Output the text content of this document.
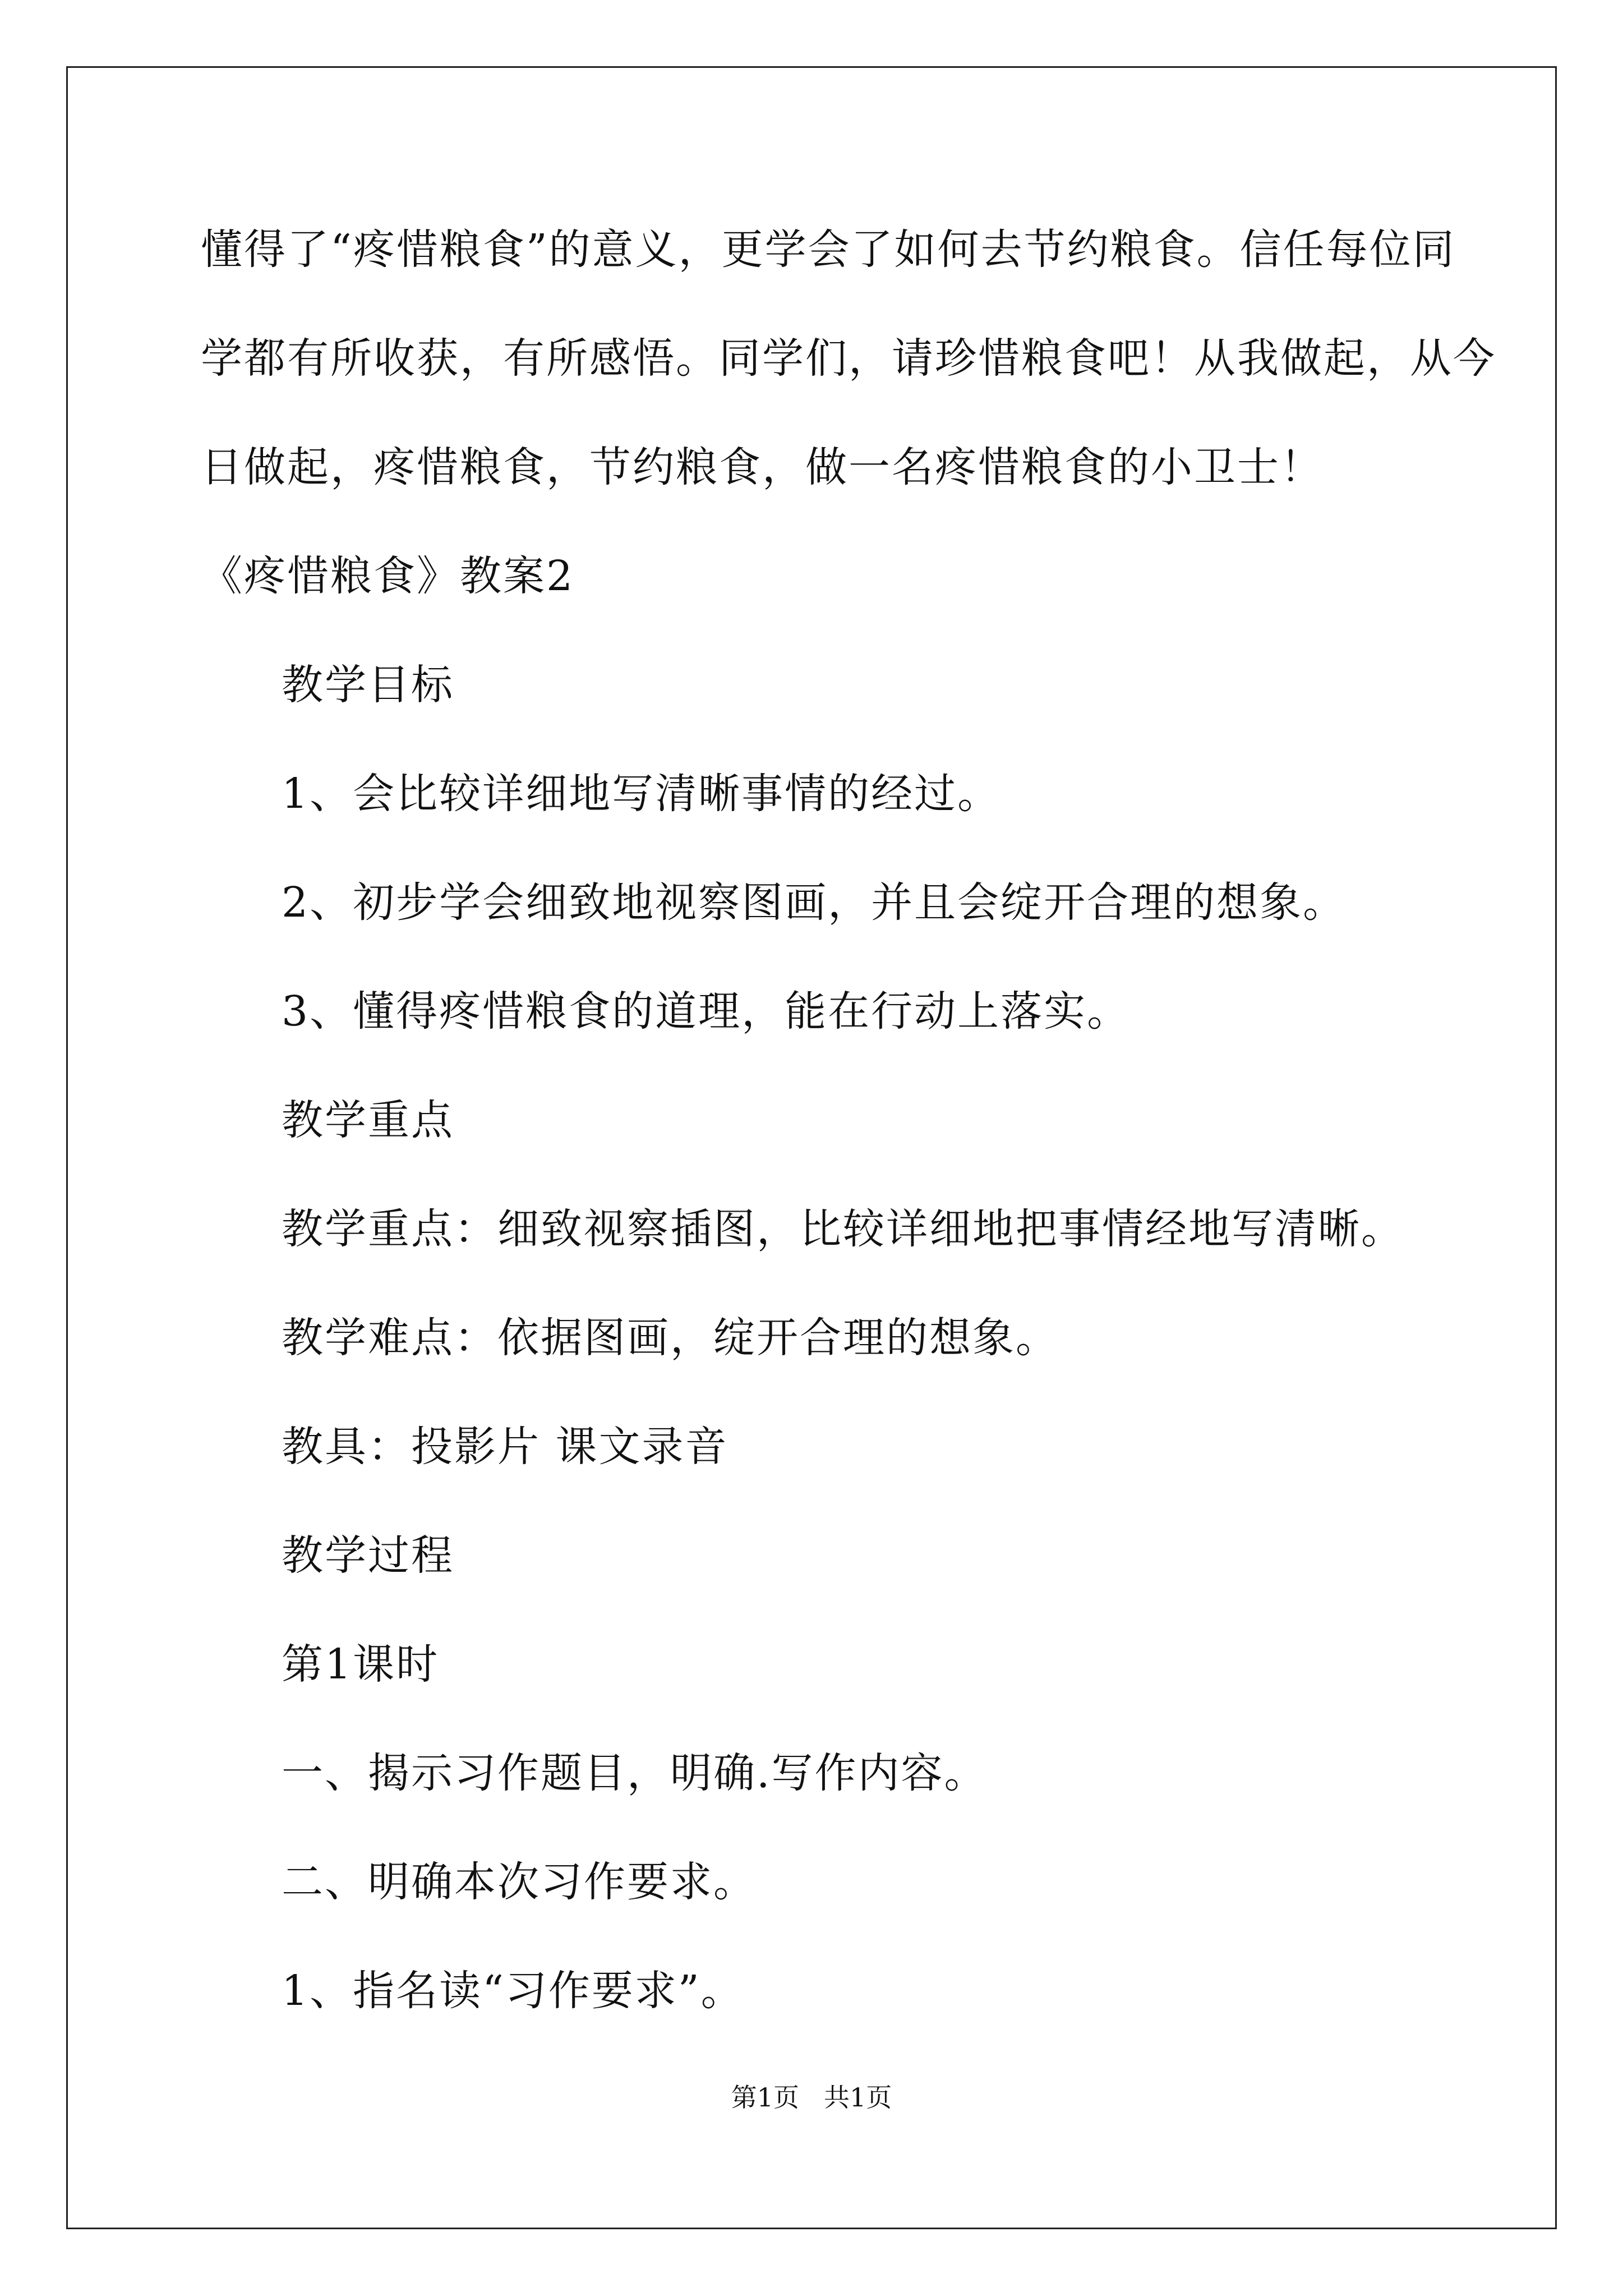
懂得了“疼惜粮食”的意义，更学会了如何去节约粮食。信任每位同
学都有所收获，有所感悟。同学们，请珍惜粮食吧！从我做起，从今
日做起，疼惜粮食，节约粮食，做一名疼惜粮食的小卫士！
《疼惜粮食》教案2
教学目标
1、会比较详细地写清晰事情的经过。
2、初步学会细致地视察图画，并且会绽开合理的想象。
3、懂得疼惜粮食的道理，能在行动上落实。
教学重点
教学重点：细致视察插图，比较详细地把事情经地写清晰。
教学难点：依据图画，绽开合理的想象。
教具：投影片 课文录音
教学过程
第1课时
一、揭示习作题目，明确.写作内容。
二、明确本次习作要求。
1、指名读“习作要求”。
第1页 共1页
